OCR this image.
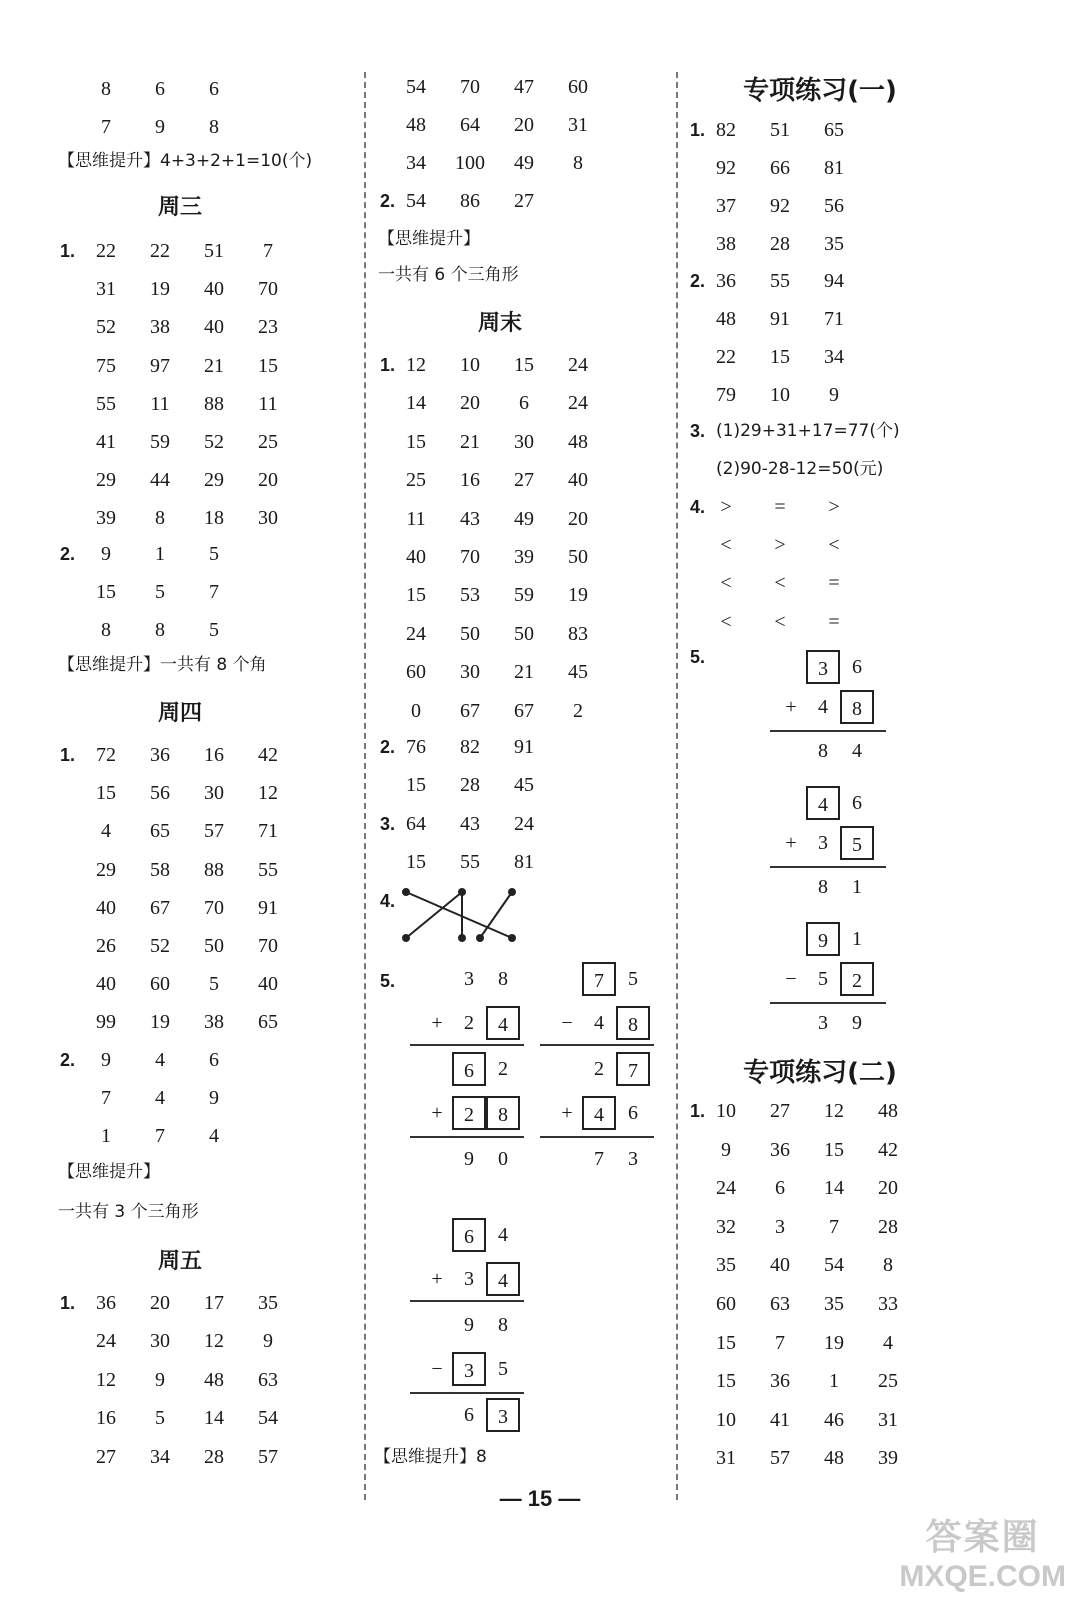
8	6	6
7	9	8
【思维提升】4+3+2+1=10(个)
周三
1.	22	22	51	7
31	19	40	70
52	38	40	23
75	97	21	15
55	11	88	11
41	59	52	25
29	44	29	20
39	8	18	30
2.	9	1	5
15	5	7
8	8	5
【思维提升】一共有 8 个角
周四
1.	72	36	16	42
15	56	30	12
4	65	57	71
29	58	88	55
40	67	70	91
26	52	50	70
40	60	5	40
99	19	38	65
2.	9	4	6
7	4	9
1	7	4
【思维提升】
一共有 3 个三角形
周五
1.	36	20	17	35
24	30	12	9
12	9	48	63
16	5	14	54
27	34	28	57
54	70	47	60
48	64	20	31
34	100	49	8
2. 54	86	27
【思维提升】
一共有 6 个三角形
周末
1. 12	10	15	24
14	20	6	24
15	21	30	48
25	16	27	40
11	43	49	20
40	70	39	50
15	53	59	19
24	50	50	83
60	30	21	45
0	67	67	2
2. 76	82	91
15	28	45
3. 64	43	24
15	55	81
4.
5.	3	8
+	2	4
6	2
+	2	8
9	0
7	5
−	4	8
2	7
+	4	6
7	3
6	4
+	3	4
9	8
−	3	5
6	3
【思维提升】8
专项练习(一)
1. 82	51	65
92	66	81
37	92	56
38	28	35
2. 36	55	94
48	91	71
22	15	34
79	10	9
3. (1)29+31+17=77(个)
(2)90-28-12=50(元)
4. >	=	>
<	>	<
<	<	=
<	<	=
5.
3	6
+	4	8
8	4
4	6
+	3	5
8	1
9	1
−	5	2
3	9
专项练习(二)
1. 10	27	12	48
9	36	15	42
24	6	14	20
32	3	7	28
35	40	54	8
60	63	35	33
15	7	19	4
15	36	1	25
10	41	46	31
31	57	48	39
— 15 —
答案圈
MXQE.COM
